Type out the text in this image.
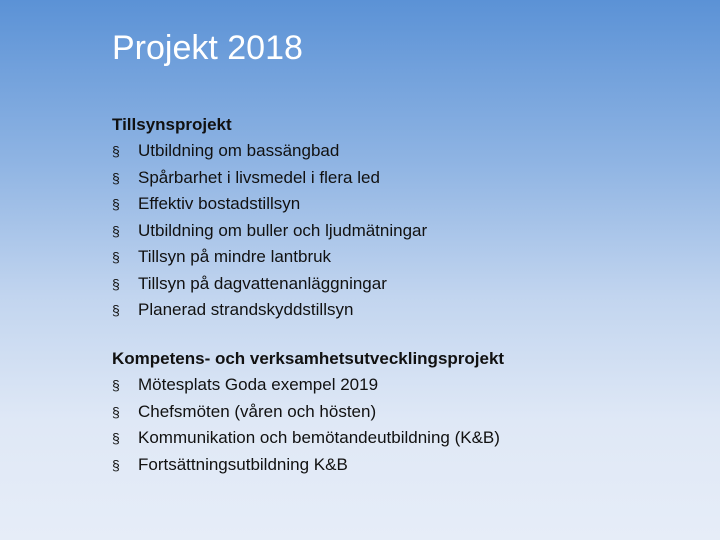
Projekt 2018

Tillsynsprojekt

§	Utbildning om bassängbad
§	Spårbarhet i livsmedel i flera led
§	Effektiv bostadstillsyn
§	Utbildning om buller och ljudmätningar
§	Tillsyn på mindre lantbruk
§	Tillsyn på dagvattenanläggningar
§	Planerad strandskyddstillsyn

Kompetens- och verksamhetsutvecklingsprojekt

§	Mötesplats Goda exempel 2019
§	Chefsmöten (våren och hösten)
§	Kommunikation och bemötandeutbildning (K&B)
§	Fortsättningsutbildning K&B
